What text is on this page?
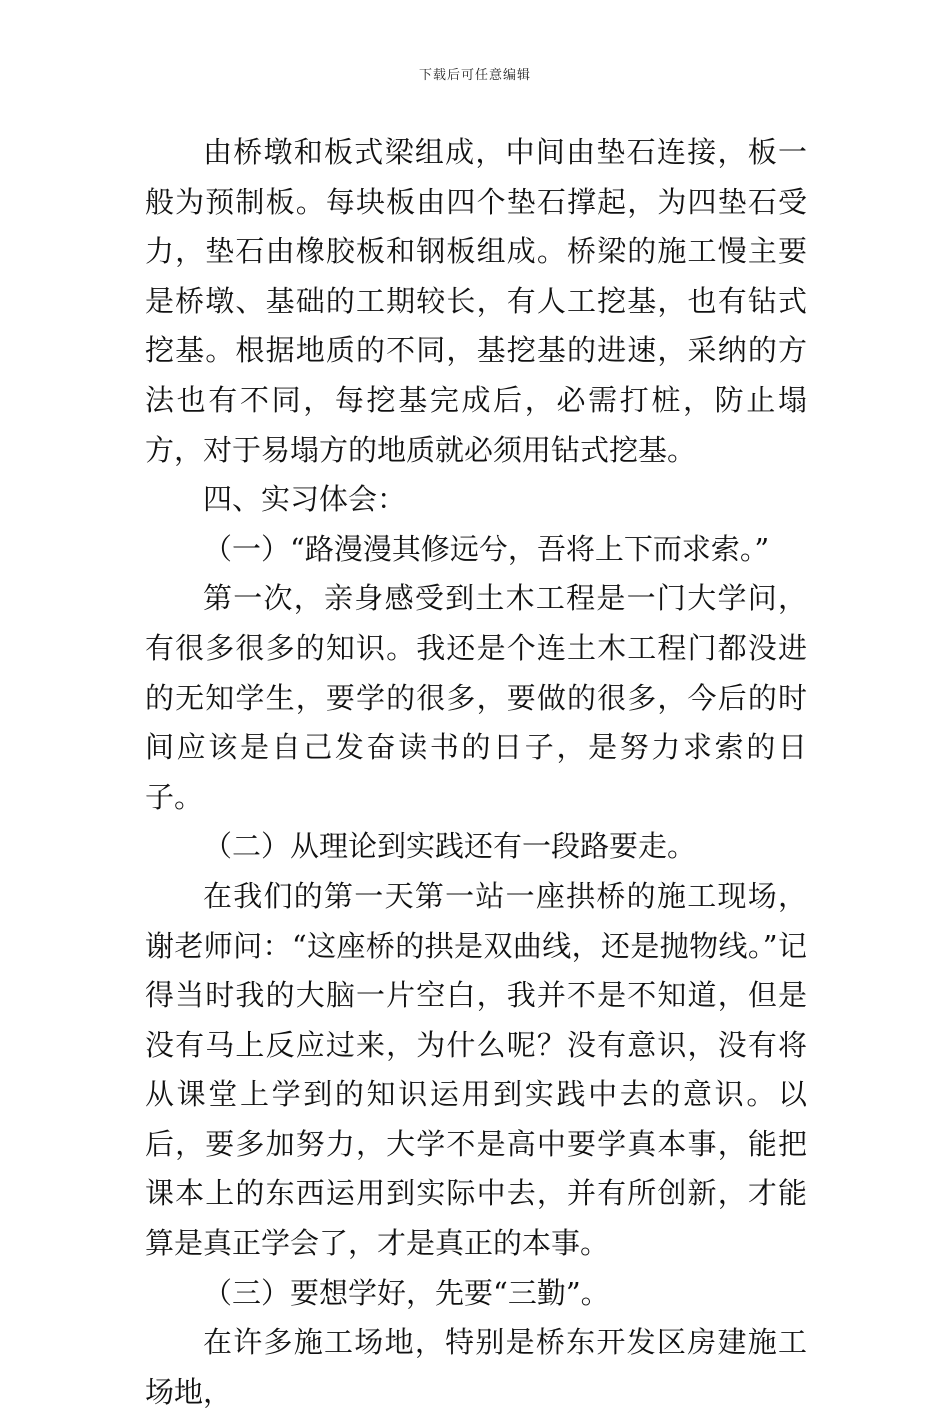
下载后可任意编辑

由桥墩和板式梁组成，中间由垫石连接，板一般为预制板。每块板由四个垫石撑起，为四垫石受力，垫石由橡胶板和钢板组成。桥梁的施工慢主要是桥墩、基础的工期较长，有人工挖基，也有钻式挖基。根据地质的不同，基挖基的进速，采纳的方法也有不同，每挖基完成后，必需打桩，防止塌方，对于易塌方的地质就必须用钻式挖基。

四、实习体会：

（一）“路漫漫其修远兮，吾将上下而求索。”

第一次，亲身感受到土木工程是一门大学问，有很多很多的知识。我还是个连土木工程门都没进的无知学生，要学的很多，要做的很多，今后的时间应该是自己发奋读书的日子，是努力求索的日子。

（二）从理论到实践还有一段路要走。

在我们的第一天第一站一座拱桥的施工现场，谢老师问：“这座桥的拱是双曲线，还是抛物线。”记得当时我的大脑一片空白，我并不是不知道，但是没有马上反应过来，为什么呢？没有意识，没有将从课堂上学到的知识运用到实践中去的意识。以后，要多加努力，大学不是高中要学真本事，能把课本上的东西运用到实际中去，并有所创新，才能算是真正学会了，才是真正的本事。

（三）要想学好，先要“三勤”。

在许多施工场地，特别是桥东开发区房建施工场地，
